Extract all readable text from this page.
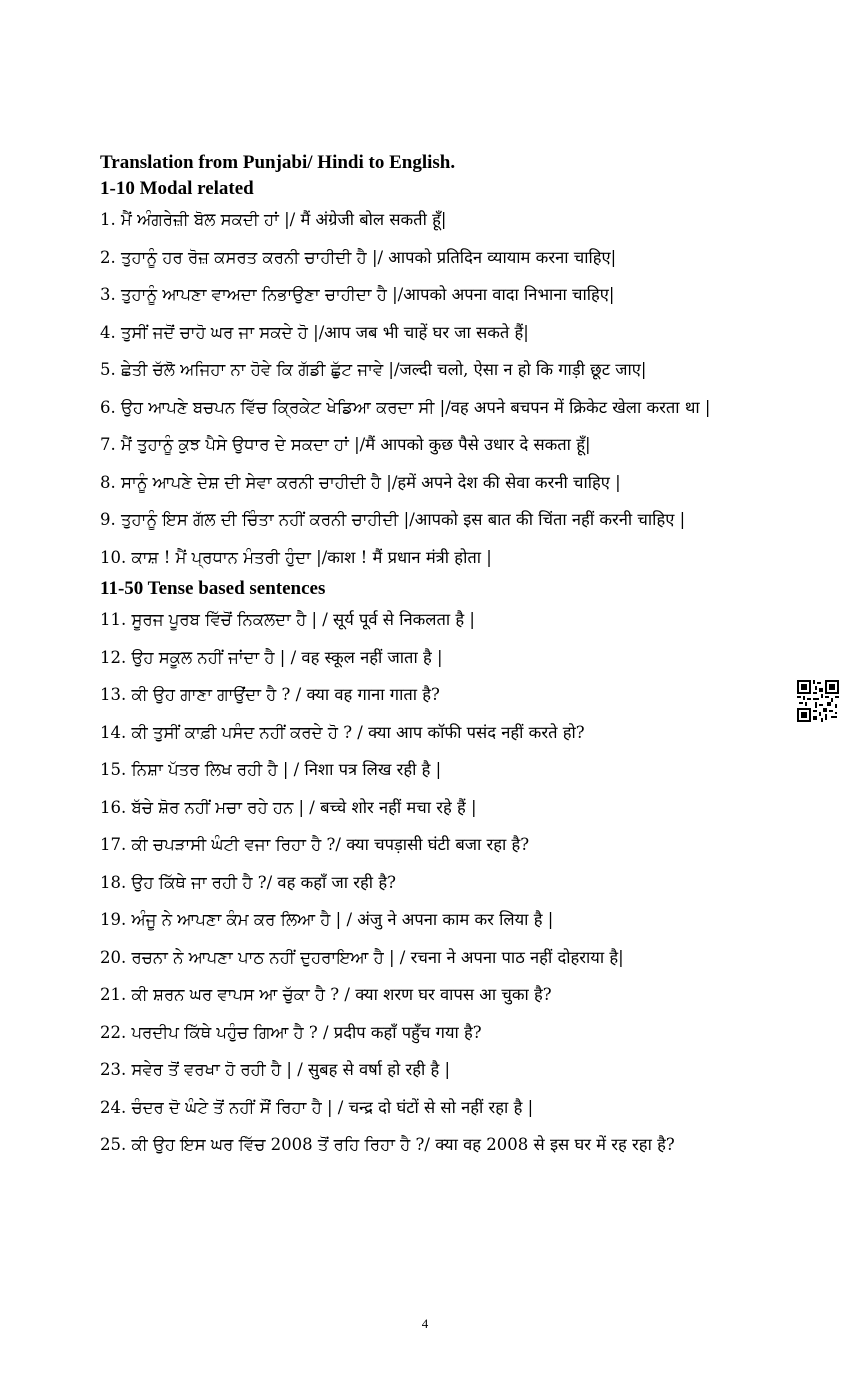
Translation from Punjabi/ Hindi to English.

1-10 Modal related

1. ਮੈਂ ਅੰਗਰੇਜ਼ੀ ਬੋਲ ਸਕਦੀ ਹਾਂ |/ मैं अंग्रेजी बोल सकती हूँ|

2. ਤੁਹਾਨੂੰ ਹਰ ਰੋਜ਼ ਕਸਰਤ ਕਰਨੀ ਚਾਹੀਦੀ ਹੈ |/ आपको प्रतिदिन व्यायाम करना चाहिए|

3. ਤੁਹਾਨੂੰ ਆਪਣਾ ਵਾਅਦਾ ਨਿਭਾਉਣਾ ਚਾਹੀਦਾ ਹੈ |/आपको अपना वादा निभाना चाहिए|

4. ਤੁਸੀਂ ਜਦੋਂ ਚਾਹੋ ਘਰ ਜਾ ਸਕਦੇ ਹੋ |/आप जब भी चाहें घर जा सकते हैं|

5. ਛੇਤੀ ਚੱਲੋ ਅਜਿਹਾ ਨਾ ਹੋਵੇ ਕਿ ਗੱਡੀ ਛੁੱਟ ਜਾਵੇ |/जल्दी चलो, ऐसा न हो कि गाड़ी छूट जाए|

6. ਉਹ ਆਪਣੇ ਬਚਪਨ ਵਿੱਚ ਕ੍ਰਿਕੇਟ ਖੇਡਿਆ ਕਰਦਾ ਸੀ |/वह अपने बचपन में क्रिकेट खेला करता था |

7. ਮੈਂ ਤੁਹਾਨੂੰ ਕੁਝ ਪੈਸੇ ਉਧਾਰ ਦੇ ਸਕਦਾ ਹਾਂ |/मैं आपको कुछ पैसे उधार दे सकता हूँ|

8. ਸਾਨੂੰ ਆਪਣੇ ਦੇਸ਼ ਦੀ ਸੇਵਾ ਕਰਨੀ ਚਾਹੀਦੀ ਹੈ |/हमें अपने देश की सेवा करनी चाहिए |

9. ਤੁਹਾਨੂੰ ਇਸ ਗੱਲ ਦੀ ਚਿੰਤਾ ਨਹੀਂ ਕਰਨੀ ਚਾਹੀਦੀ |/आपको इस बात की चिंता नहीं करनी चाहिए |

10. ਕਾਸ਼ ! ਮੈਂ ਪ੍ਰਧਾਨ ਮੰਤਰੀ ਹੁੰਦਾ |/काश ! मैं प्रधान मंत्री होता |

11-50 Tense based sentences

11. ਸੂਰਜ ਪੂਰਬ ਵਿੱਚੋਂ ਨਿਕਲਦਾ ਹੈ | / सूर्य पूर्व से निकलता है |

12. ਉਹ ਸਕੂਲ ਨਹੀਂ ਜਾਂਦਾ ਹੈ | / वह स्कूल नहीं जाता है |

13. ਕੀ ਉਹ ਗਾਣਾ ਗਾਉਂਦਾ ਹੈ ? / क्या वह गाना गाता है?

14. ਕੀ ਤੁਸੀਂ ਕਾਫ਼ੀ ਪਸੰਦ ਨਹੀਂ ਕਰਦੇ ਹੋ ? / क्या आप कॉफी पसंद नहीं करते हो?

15. ਨਿਸ਼ਾ ਪੱਤਰ ਲਿਖ ਰਹੀ ਹੈ | / निशा पत्र लिख रही है |

16. ਬੱਚੇ ਸ਼ੋਰ ਨਹੀਂ ਮਚਾ ਰਹੇ ਹਨ | / बच्चे शोर नहीं मचा रहे हैं |

17. ਕੀ ਚਪੜਾਸੀ ਘੰਟੀ ਵਜਾ ਰਿਹਾ ਹੈ ?/ क्या चपड़ासी घंटी बजा रहा है?

18. ਉਹ ਕਿੱਥੇ ਜਾ ਰਹੀ ਹੈ ?/ वह कहाँ जा रही है?

19. ਅੰਜੂ ਨੇ ਆਪਣਾ ਕੰਮ ਕਰ ਲਿਆ ਹੈ | / अंजु ने अपना काम कर लिया है |

20. ਰਚਨਾ ਨੇ ਆਪਣਾ ਪਾਠ ਨਹੀਂ ਦੁਹਰਾਇਆ ਹੈ | / रचना ने अपना पाठ नहीं दोहराया है|

21. ਕੀ ਸ਼ਰਨ ਘਰ ਵਾਪਸ ਆ ਚੁੱਕਾ ਹੈ ? / क्या शरण घर वापस आ चुका है?

22. ਪਰਦੀਪ ਕਿੱਥੇ ਪਹੁੰਚ ਗਿਆ ਹੈ ? / प्रदीप कहाँ पहुँच गया है?

23. ਸਵੇਰ ਤੋਂ ਵਰਖਾ ਹੋ ਰਹੀ ਹੈ | / सुबह से वर्षा हो रही है |

24. ਚੰਦਰ ਦੋ ਘੰਟੇ ਤੋਂ ਨਹੀਂ ਸੌਂ ਰਿਹਾ ਹੈ | / चन्द्र दो घंटों से सो नहीं रहा है |

25. ਕੀ ਉਹ ਇਸ ਘਰ ਵਿੱਚ 2008 ਤੋਂ ਰਹਿ ਰਿਹਾ ਹੈ ?/ क्या वह 2008 से इस घर में रह रहा है?

4
